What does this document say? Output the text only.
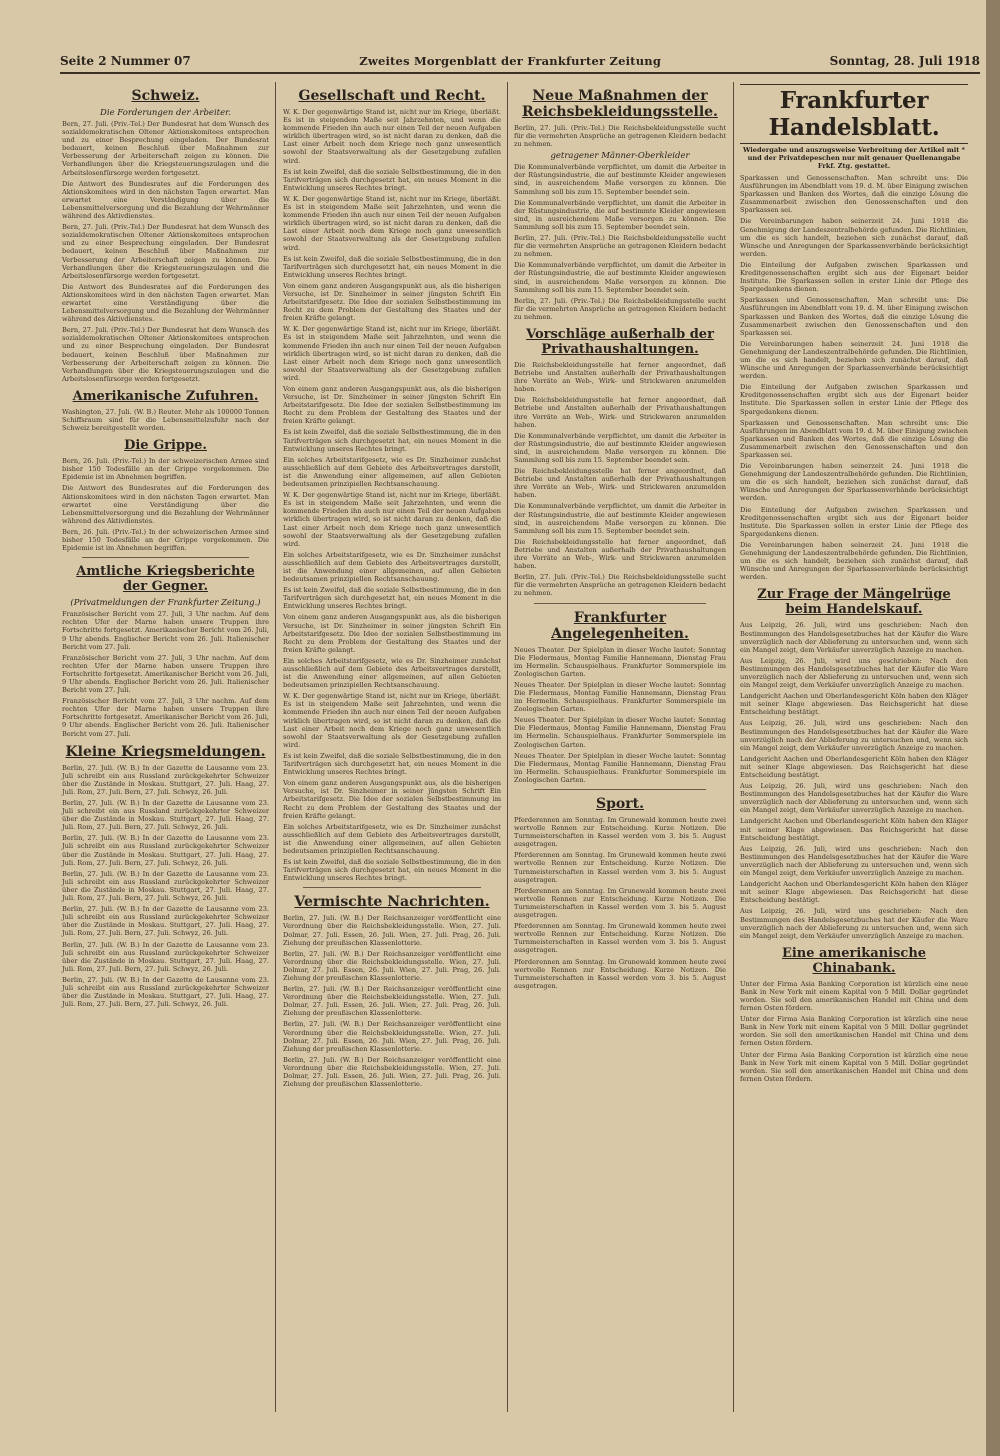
Seite 2 Nummer 07	Zweites Morgenblatt der Frankfurter Zeitung	Sonntag, 28. Juli 1918
Schweiz.
Die Forderungen der Arbeiter.

Bern, 27. Juli. (Priv.-Tel.) Der Bundesrat hat dem Wunsch des sozialdemokratischen Oltener Aktionskomitees entsprochen und zu einer Besprechung eingeladen. Der Bundesrat bedauert, keinen Beschluß über Maßnahmen zur Verbesserung der Arbeiterschaft zeigen zu können. Die Verhandlungen über die Kriegsteuerungszulagen und die Arbeitslosenfürsorge werden fortgesetzt.

Die Antwort des Bundesrates auf die Forderungen des Aktionskomitees wird in den nächsten Tagen erwartet. Man erwartet eine Verständigung über die Lebensmittelversorgung und die Bezahlung der Wehrmänner während des Aktivdienstes.

Bern, 27. Juli. (Priv.-Tel.) Der Bundesrat hat dem Wunsch des sozialdemokratischen Oltener Aktionskomitees entsprochen und zu einer Besprechung eingeladen. Der Bundesrat bedauert, keinen Beschluß über Maßnahmen zur Verbesserung der Arbeiterschaft zeigen zu können. Die Verhandlungen über die Kriegsteuerungszulagen und die Arbeitslosenfürsorge werden fortgesetzt.

Die Antwort des Bundesrates auf die Forderungen des Aktionskomitees wird in den nächsten Tagen erwartet. Man erwartet eine Verständigung über die Lebensmittelversorgung und die Bezahlung der Wehrmänner während des Aktivdienstes.

Bern, 27. Juli. (Priv.-Tel.) Der Bundesrat hat dem Wunsch des sozialdemokratischen Oltener Aktionskomitees entsprochen und zu einer Besprechung eingeladen. Der Bundesrat bedauert, keinen Beschluß über Maßnahmen zur Verbesserung der Arbeiterschaft zeigen zu können. Die Verhandlungen über die Kriegsteuerungszulagen und die Arbeitslosenfürsorge werden fortgesetzt.

Amerikanische Zufuhren.

Washington, 27. Juli. (W. B.) Reuter. Mehr als 100000 Tonnen Schiffsraum sind für die Lebensmittelzufuhr nach der Schweiz bereitgestellt worden.

Die Grippe.

Bern, 26. Juli. (Priv.-Tel.) In der schweizerischen Armee sind bisher 150 Todesfälle an der Grippe vorgekommen. Die Epidemie ist im Abnehmen begriffen.

Die Antwort des Bundesrates auf die Forderungen des Aktionskomitees wird in den nächsten Tagen erwartet. Man erwartet eine Verständigung über die Lebensmittelversorgung und die Bezahlung der Wehrmänner während des Aktivdienstes.

Bern, 26. Juli. (Priv.-Tel.) In der schweizerischen Armee sind bisher 150 Todesfälle an der Grippe vorgekommen. Die Epidemie ist im Abnehmen begriffen.

Amtliche Kriegsberichte der Gegner.
(Privatmeldungen der Frankfurter Zeitung.)

Französischer Bericht vom 27. Juli, 3 Uhr nachm. Auf dem rechten Ufer der Marne haben unsere Truppen ihre Fortschritte fortgesetzt. Amerikanischer Bericht vom 26. Juli, 9 Uhr abends. Englischer Bericht vom 26. Juli. Italienischer Bericht vom 27. Juli.

Französischer Bericht vom 27. Juli, 3 Uhr nachm. Auf dem rechten Ufer der Marne haben unsere Truppen ihre Fortschritte fortgesetzt. Amerikanischer Bericht vom 26. Juli, 9 Uhr abends. Englischer Bericht vom 26. Juli. Italienischer Bericht vom 27. Juli.

Französischer Bericht vom 27. Juli, 3 Uhr nachm. Auf dem rechten Ufer der Marne haben unsere Truppen ihre Fortschritte fortgesetzt. Amerikanischer Bericht vom 26. Juli, 9 Uhr abends. Englischer Bericht vom 26. Juli. Italienischer Bericht vom 27. Juli.

Kleine Kriegsmeldungen.

Berlin, 27. Juli. (W. B.) In der Gazette de Lausanne vom 23. Juli schreibt ein aus Russland zurückgekehrter Schweizer über die Zustände in Moskau. Stuttgart, 27. Juli. Haag, 27. Juli. Rom, 27. Juli. Bern, 27. Juli. Schwyz, 26. Juli.

Berlin, 27. Juli. (W. B.) In der Gazette de Lausanne vom 23. Juli schreibt ein aus Russland zurückgekehrter Schweizer über die Zustände in Moskau. Stuttgart, 27. Juli. Haag, 27. Juli. Rom, 27. Juli. Bern, 27. Juli. Schwyz, 26. Juli.

Berlin, 27. Juli. (W. B.) In der Gazette de Lausanne vom 23. Juli schreibt ein aus Russland zurückgekehrter Schweizer über die Zustände in Moskau. Stuttgart, 27. Juli. Haag, 27. Juli. Rom, 27. Juli. Bern, 27. Juli. Schwyz, 26. Juli.

Berlin, 27. Juli. (W. B.) In der Gazette de Lausanne vom 23. Juli schreibt ein aus Russland zurückgekehrter Schweizer über die Zustände in Moskau. Stuttgart, 27. Juli. Haag, 27. Juli. Rom, 27. Juli. Bern, 27. Juli. Schwyz, 26. Juli.

Berlin, 27. Juli. (W. B.) In der Gazette de Lausanne vom 23. Juli schreibt ein aus Russland zurückgekehrter Schweizer über die Zustände in Moskau. Stuttgart, 27. Juli. Haag, 27. Juli. Rom, 27. Juli. Bern, 27. Juli. Schwyz, 26. Juli.

Berlin, 27. Juli. (W. B.) In der Gazette de Lausanne vom 23. Juli schreibt ein aus Russland zurückgekehrter Schweizer über die Zustände in Moskau. Stuttgart, 27. Juli. Haag, 27. Juli. Rom, 27. Juli. Bern, 27. Juli. Schwyz, 26. Juli.

Berlin, 27. Juli. (W. B.) In der Gazette de Lausanne vom 23. Juli schreibt ein aus Russland zurückgekehrter Schweizer über die Zustände in Moskau. Stuttgart, 27. Juli. Haag, 27. Juli. Rom, 27. Juli. Bern, 27. Juli. Schwyz, 26. Juli.

Gesellschaft und Recht.

W. K. Der gegenwärtige Stand ist, nicht nur im Kriege, überläßt. Es ist in steigendem Maße seit Jahrzehnten, und wenn die kommende Frieden ihn auch nur einen Teil der neuen Aufgaben wirklich übertragen wird, so ist nicht daran zu denken, daß die Last einer Arbeit noch dem Kriege noch ganz unwesentlich sowohl der Staatsverwaltung als der Gesetzgebung zufallen wird.

Es ist kein Zweifel, daß die soziale Selbstbestimmung, die in den Tarifverträgen sich durchgesetzt hat, ein neues Moment in die Entwicklung unseres Rechtes bringt.

W. K. Der gegenwärtige Stand ist, nicht nur im Kriege, überläßt. Es ist in steigendem Maße seit Jahrzehnten, und wenn die kommende Frieden ihn auch nur einen Teil der neuen Aufgaben wirklich übertragen wird, so ist nicht daran zu denken, daß die Last einer Arbeit noch dem Kriege noch ganz unwesentlich sowohl der Staatsverwaltung als der Gesetzgebung zufallen wird.

Es ist kein Zweifel, daß die soziale Selbstbestimmung, die in den Tarifverträgen sich durchgesetzt hat, ein neues Moment in die Entwicklung unseres Rechtes bringt.

Von einem ganz anderen Ausgangspunkt aus, als die bisherigen Versuche, ist Dr. Sinzheimer in seiner jüngsten Schrift Ein Arbeitstarifgesetz. Die Idee der sozialen Selbstbestimmung im Recht zu dem Problem der Gestaltung des Staates und der freien Kräfte gelangt.

W. K. Der gegenwärtige Stand ist, nicht nur im Kriege, überläßt. Es ist in steigendem Maße seit Jahrzehnten, und wenn die kommende Frieden ihn auch nur einen Teil der neuen Aufgaben wirklich übertragen wird, so ist nicht daran zu denken, daß die Last einer Arbeit noch dem Kriege noch ganz unwesentlich sowohl der Staatsverwaltung als der Gesetzgebung zufallen wird.

Von einem ganz anderen Ausgangspunkt aus, als die bisherigen Versuche, ist Dr. Sinzheimer in seiner jüngsten Schrift Ein Arbeitstarifgesetz. Die Idee der sozialen Selbstbestimmung im Recht zu dem Problem der Gestaltung des Staates und der freien Kräfte gelangt.

Es ist kein Zweifel, daß die soziale Selbstbestimmung, die in den Tarifverträgen sich durchgesetzt hat, ein neues Moment in die Entwicklung unseres Rechtes bringt.

Ein solches Arbeitstarifgesetz, wie es Dr. Sinzheimer zunächst ausschließlich auf dem Gebiete des Arbeitsvertrages darstellt, ist die Anwendung einer allgemeinen, auf allen Gebieten bedeutsamen prinzipiellen Rechtsanschauung.

W. K. Der gegenwärtige Stand ist, nicht nur im Kriege, überläßt. Es ist in steigendem Maße seit Jahrzehnten, und wenn die kommende Frieden ihn auch nur einen Teil der neuen Aufgaben wirklich übertragen wird, so ist nicht daran zu denken, daß die Last einer Arbeit noch dem Kriege noch ganz unwesentlich sowohl der Staatsverwaltung als der Gesetzgebung zufallen wird.

Ein solches Arbeitstarifgesetz, wie es Dr. Sinzheimer zunächst ausschließlich auf dem Gebiete des Arbeitsvertrages darstellt, ist die Anwendung einer allgemeinen, auf allen Gebieten bedeutsamen prinzipiellen Rechtsanschauung.

Es ist kein Zweifel, daß die soziale Selbstbestimmung, die in den Tarifverträgen sich durchgesetzt hat, ein neues Moment in die Entwicklung unseres Rechtes bringt.

Von einem ganz anderen Ausgangspunkt aus, als die bisherigen Versuche, ist Dr. Sinzheimer in seiner jüngsten Schrift Ein Arbeitstarifgesetz. Die Idee der sozialen Selbstbestimmung im Recht zu dem Problem der Gestaltung des Staates und der freien Kräfte gelangt.

Ein solches Arbeitstarifgesetz, wie es Dr. Sinzheimer zunächst ausschließlich auf dem Gebiete des Arbeitsvertrages darstellt, ist die Anwendung einer allgemeinen, auf allen Gebieten bedeutsamen prinzipiellen Rechtsanschauung.

W. K. Der gegenwärtige Stand ist, nicht nur im Kriege, überläßt. Es ist in steigendem Maße seit Jahrzehnten, und wenn die kommende Frieden ihn auch nur einen Teil der neuen Aufgaben wirklich übertragen wird, so ist nicht daran zu denken, daß die Last einer Arbeit noch dem Kriege noch ganz unwesentlich sowohl der Staatsverwaltung als der Gesetzgebung zufallen wird.

Es ist kein Zweifel, daß die soziale Selbstbestimmung, die in den Tarifverträgen sich durchgesetzt hat, ein neues Moment in die Entwicklung unseres Rechtes bringt.

Von einem ganz anderen Ausgangspunkt aus, als die bisherigen Versuche, ist Dr. Sinzheimer in seiner jüngsten Schrift Ein Arbeitstarifgesetz. Die Idee der sozialen Selbstbestimmung im Recht zu dem Problem der Gestaltung des Staates und der freien Kräfte gelangt.

Ein solches Arbeitstarifgesetz, wie es Dr. Sinzheimer zunächst ausschließlich auf dem Gebiete des Arbeitsvertrages darstellt, ist die Anwendung einer allgemeinen, auf allen Gebieten bedeutsamen prinzipiellen Rechtsanschauung.

Es ist kein Zweifel, daß die soziale Selbstbestimmung, die in den Tarifverträgen sich durchgesetzt hat, ein neues Moment in die Entwicklung unseres Rechtes bringt.

Vermischte Nachrichten.

Berlin, 27. Juli. (W. B.) Der Reichsanzeiger veröffentlicht eine Verordnung über die Reichsbekleidungsstelle. Wien, 27. Juli. Dolmar, 27. Juli. Essen, 26. Juli. Wien, 27. Juli. Prag, 26. Juli. Ziehung der preußischen Klassenlotterie.

Berlin, 27. Juli. (W. B.) Der Reichsanzeiger veröffentlicht eine Verordnung über die Reichsbekleidungsstelle. Wien, 27. Juli. Dolmar, 27. Juli. Essen, 26. Juli. Wien, 27. Juli. Prag, 26. Juli. Ziehung der preußischen Klassenlotterie.

Berlin, 27. Juli. (W. B.) Der Reichsanzeiger veröffentlicht eine Verordnung über die Reichsbekleidungsstelle. Wien, 27. Juli. Dolmar, 27. Juli. Essen, 26. Juli. Wien, 27. Juli. Prag, 26. Juli. Ziehung der preußischen Klassenlotterie.

Berlin, 27. Juli. (W. B.) Der Reichsanzeiger veröffentlicht eine Verordnung über die Reichsbekleidungsstelle. Wien, 27. Juli. Dolmar, 27. Juli. Essen, 26. Juli. Wien, 27. Juli. Prag, 26. Juli. Ziehung der preußischen Klassenlotterie.

Berlin, 27. Juli. (W. B.) Der Reichsanzeiger veröffentlicht eine Verordnung über die Reichsbekleidungsstelle. Wien, 27. Juli. Dolmar, 27. Juli. Essen, 26. Juli. Wien, 27. Juli. Prag, 26. Juli. Ziehung der preußischen Klassenlotterie.

Neue Maßnahmen der Reichsbekleidungsstelle.

Berlin, 27. Juli. (Priv.-Tel.) Die Reichsbekleidungsstelle sucht für die vermehrten Ansprüche an getragenen Kleidern bedacht zu nehmen.

getragener Männer-Oberkleider

Die Kommunalverbände verpflichtet, um damit die Arbeiter in der Rüstungsindustrie, die auf bestimmte Kleider angewiesen sind, in ausreichendem Maße versorgen zu können. Die Sammlung soll bis zum 15. September beendet sein.

Die Kommunalverbände verpflichtet, um damit die Arbeiter in der Rüstungsindustrie, die auf bestimmte Kleider angewiesen sind, in ausreichendem Maße versorgen zu können. Die Sammlung soll bis zum 15. September beendet sein.

Berlin, 27. Juli. (Priv.-Tel.) Die Reichsbekleidungsstelle sucht für die vermehrten Ansprüche an getragenen Kleidern bedacht zu nehmen.

Die Kommunalverbände verpflichtet, um damit die Arbeiter in der Rüstungsindustrie, die auf bestimmte Kleider angewiesen sind, in ausreichendem Maße versorgen zu können. Die Sammlung soll bis zum 15. September beendet sein.

Berlin, 27. Juli. (Priv.-Tel.) Die Reichsbekleidungsstelle sucht für die vermehrten Ansprüche an getragenen Kleidern bedacht zu nehmen.

Vorschläge außerhalb der Privathaushaltungen.

Die Reichsbekleidungsstelle hat ferner angeordnet, daß Betriebe und Anstalten außerhalb der Privathaushaltungen ihre Vorräte an Web-, Wirk- und Strickwaren anzumelden haben.

Die Reichsbekleidungsstelle hat ferner angeordnet, daß Betriebe und Anstalten außerhalb der Privathaushaltungen ihre Vorräte an Web-, Wirk- und Strickwaren anzumelden haben.

Die Kommunalverbände verpflichtet, um damit die Arbeiter in der Rüstungsindustrie, die auf bestimmte Kleider angewiesen sind, in ausreichendem Maße versorgen zu können. Die Sammlung soll bis zum 15. September beendet sein.

Die Reichsbekleidungsstelle hat ferner angeordnet, daß Betriebe und Anstalten außerhalb der Privathaushaltungen ihre Vorräte an Web-, Wirk- und Strickwaren anzumelden haben.

Die Kommunalverbände verpflichtet, um damit die Arbeiter in der Rüstungsindustrie, die auf bestimmte Kleider angewiesen sind, in ausreichendem Maße versorgen zu können. Die Sammlung soll bis zum 15. September beendet sein.

Die Reichsbekleidungsstelle hat ferner angeordnet, daß Betriebe und Anstalten außerhalb der Privathaushaltungen ihre Vorräte an Web-, Wirk- und Strickwaren anzumelden haben.

Berlin, 27. Juli. (Priv.-Tel.) Die Reichsbekleidungsstelle sucht für die vermehrten Ansprüche an getragenen Kleidern bedacht zu nehmen.

Frankfurter Angelegenheiten.

Neues Theater. Der Spielplan in dieser Woche lautet: Sonntag Die Fledermaus, Montag Familie Hannemann, Dienstag Frau im Hermelin. Schauspielhaus. Frankfurter Sommerspiele im Zoologischen Garten.

Neues Theater. Der Spielplan in dieser Woche lautet: Sonntag Die Fledermaus, Montag Familie Hannemann, Dienstag Frau im Hermelin. Schauspielhaus. Frankfurter Sommerspiele im Zoologischen Garten.

Neues Theater. Der Spielplan in dieser Woche lautet: Sonntag Die Fledermaus, Montag Familie Hannemann, Dienstag Frau im Hermelin. Schauspielhaus. Frankfurter Sommerspiele im Zoologischen Garten.

Neues Theater. Der Spielplan in dieser Woche lautet: Sonntag Die Fledermaus, Montag Familie Hannemann, Dienstag Frau im Hermelin. Schauspielhaus. Frankfurter Sommerspiele im Zoologischen Garten.

Sport.

Pferderennen am Sonntag. Im Grunewald kommen heute zwei wertvolle Rennen zur Entscheidung. Kurze Notizen. Die Turnmeisterschaften in Kassel werden vom 3. bis 5. August ausgetragen.

Pferderennen am Sonntag. Im Grunewald kommen heute zwei wertvolle Rennen zur Entscheidung. Kurze Notizen. Die Turnmeisterschaften in Kassel werden vom 3. bis 5. August ausgetragen.

Pferderennen am Sonntag. Im Grunewald kommen heute zwei wertvolle Rennen zur Entscheidung. Kurze Notizen. Die Turnmeisterschaften in Kassel werden vom 3. bis 5. August ausgetragen.

Pferderennen am Sonntag. Im Grunewald kommen heute zwei wertvolle Rennen zur Entscheidung. Kurze Notizen. Die Turnmeisterschaften in Kassel werden vom 3. bis 5. August ausgetragen.

Pferderennen am Sonntag. Im Grunewald kommen heute zwei wertvolle Rennen zur Entscheidung. Kurze Notizen. Die Turnmeisterschaften in Kassel werden vom 3. bis 5. August ausgetragen.

Frankfurter Handelsblatt.
Wiedergabe und auszugsweise Verbreitung der Artikel mit * und der Privatdepeschen nur mit genauer Quellenangabe Frkf. Ztg. gestattet.

Sparkassen und Genossenschaften. Man schreibt uns: Die Ausführungen im Abendblatt vom 19. d. M. über Einigung zwischen Sparkassen und Banken des Wortes, daß die einzige Lösung die Zusammenarbeit zwischen den Genossenschaften und den Sparkassen sei.

Die Vereinbarungen haben seinerzeit 24. Juni 1918 die Genehmigung der Landeszentralbehörde gefunden. Die Richtlinien, um die es sich handelt, beziehen sich zunächst darauf, daß Wünsche und Anregungen der Sparkassenverbände berücksichtigt werden.

Die Einteilung der Aufgaben zwischen Sparkassen und Kreditgenossenschaften ergibt sich aus der Eigenart beider Institute. Die Sparkassen sollen in erster Linie der Pflege des Spargedankens dienen.

Sparkassen und Genossenschaften. Man schreibt uns: Die Ausführungen im Abendblatt vom 19. d. M. über Einigung zwischen Sparkassen und Banken des Wortes, daß die einzige Lösung die Zusammenarbeit zwischen den Genossenschaften und den Sparkassen sei.

Die Vereinbarungen haben seinerzeit 24. Juni 1918 die Genehmigung der Landeszentralbehörde gefunden. Die Richtlinien, um die es sich handelt, beziehen sich zunächst darauf, daß Wünsche und Anregungen der Sparkassenverbände berücksichtigt werden.

Die Einteilung der Aufgaben zwischen Sparkassen und Kreditgenossenschaften ergibt sich aus der Eigenart beider Institute. Die Sparkassen sollen in erster Linie der Pflege des Spargedankens dienen.

Sparkassen und Genossenschaften. Man schreibt uns: Die Ausführungen im Abendblatt vom 19. d. M. über Einigung zwischen Sparkassen und Banken des Wortes, daß die einzige Lösung die Zusammenarbeit zwischen den Genossenschaften und den Sparkassen sei.

Die Vereinbarungen haben seinerzeit 24. Juni 1918 die Genehmigung der Landeszentralbehörde gefunden. Die Richtlinien, um die es sich handelt, beziehen sich zunächst darauf, daß Wünsche und Anregungen der Sparkassenverbände berücksichtigt werden.

Die Einteilung der Aufgaben zwischen Sparkassen und Kreditgenossenschaften ergibt sich aus der Eigenart beider Institute. Die Sparkassen sollen in erster Linie der Pflege des Spargedankens dienen.

Die Vereinbarungen haben seinerzeit 24. Juni 1918 die Genehmigung der Landeszentralbehörde gefunden. Die Richtlinien, um die es sich handelt, beziehen sich zunächst darauf, daß Wünsche und Anregungen der Sparkassenverbände berücksichtigt werden.

Zur Frage der Mängelrüge beim Handelskauf.

Aus Leipzig, 26. Juli, wird uns geschrieben: Nach den Bestimmungen des Handelsgesetzbuches hat der Käufer die Ware unverzüglich nach der Ablieferung zu untersuchen und, wenn sich ein Mangel zeigt, dem Verkäufer unverzüglich Anzeige zu machen.

Aus Leipzig, 26. Juli, wird uns geschrieben: Nach den Bestimmungen des Handelsgesetzbuches hat der Käufer die Ware unverzüglich nach der Ablieferung zu untersuchen und, wenn sich ein Mangel zeigt, dem Verkäufer unverzüglich Anzeige zu machen.

Landgericht Aachen und Oberlandesgericht Köln haben den Kläger mit seiner Klage abgewiesen. Das Reichsgericht hat diese Entscheidung bestätigt.

Aus Leipzig, 26. Juli, wird uns geschrieben: Nach den Bestimmungen des Handelsgesetzbuches hat der Käufer die Ware unverzüglich nach der Ablieferung zu untersuchen und, wenn sich ein Mangel zeigt, dem Verkäufer unverzüglich Anzeige zu machen.

Landgericht Aachen und Oberlandesgericht Köln haben den Kläger mit seiner Klage abgewiesen. Das Reichsgericht hat diese Entscheidung bestätigt.

Aus Leipzig, 26. Juli, wird uns geschrieben: Nach den Bestimmungen des Handelsgesetzbuches hat der Käufer die Ware unverzüglich nach der Ablieferung zu untersuchen und, wenn sich ein Mangel zeigt, dem Verkäufer unverzüglich Anzeige zu machen.

Landgericht Aachen und Oberlandesgericht Köln haben den Kläger mit seiner Klage abgewiesen. Das Reichsgericht hat diese Entscheidung bestätigt.

Aus Leipzig, 26. Juli, wird uns geschrieben: Nach den Bestimmungen des Handelsgesetzbuches hat der Käufer die Ware unverzüglich nach der Ablieferung zu untersuchen und, wenn sich ein Mangel zeigt, dem Verkäufer unverzüglich Anzeige zu machen.

Landgericht Aachen und Oberlandesgericht Köln haben den Kläger mit seiner Klage abgewiesen. Das Reichsgericht hat diese Entscheidung bestätigt.

Aus Leipzig, 26. Juli, wird uns geschrieben: Nach den Bestimmungen des Handelsgesetzbuches hat der Käufer die Ware unverzüglich nach der Ablieferung zu untersuchen und, wenn sich ein Mangel zeigt, dem Verkäufer unverzüglich Anzeige zu machen.

Eine amerikanische Chinabank.

Unter der Firma Asia Banking Corporation ist kürzlich eine neue Bank in New York mit einem Kapital von 5 Mill. Dollar gegründet worden. Sie soll den amerikanischen Handel mit China und dem fernen Osten fördern.

Unter der Firma Asia Banking Corporation ist kürzlich eine neue Bank in New York mit einem Kapital von 5 Mill. Dollar gegründet worden. Sie soll den amerikanischen Handel mit China und dem fernen Osten fördern.

Unter der Firma Asia Banking Corporation ist kürzlich eine neue Bank in New York mit einem Kapital von 5 Mill. Dollar gegründet worden. Sie soll den amerikanischen Handel mit China und dem fernen Osten fördern.
